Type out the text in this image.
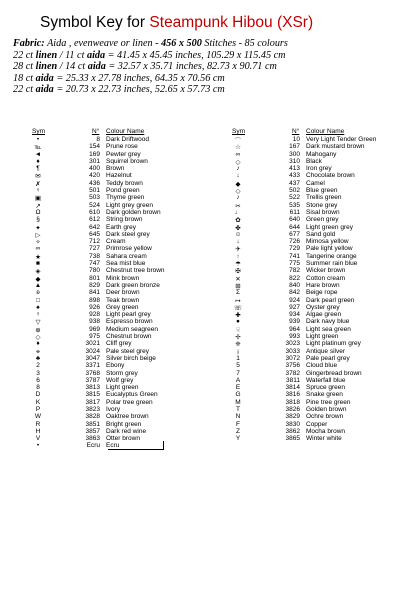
Symbol Key for Steampunk Hibou (XSr)
Fabric: Aida , evenweave or linen - 456 x 500 Stitches - 85 colours
22 ct linen / 11 ct aida = 41.45 x 45.45 inches, 105.29 x 115.45 cm
28 ct linen / 14 ct aida = 32.57 x 35.71 inches, 82.73 x 90.71 cm
18 ct aida = 25.33 x 27.78 inches, 64.35 x 70.56 cm
22 ct aida = 20.73 x 22.73 inches, 52.65 x 57.73 cm
Sym	N° Colour Name
•	8 Dark Driftwood
℡	154 Prune rose
◄	169 Pewter grey
♦	301 Squirrel brown
¶	400 Brown
✉	420 Hazelnut
✗	436 Teddy brown
♀	501 Pond green
▣	503 Thyme green
↗	524 Light grey green
Ω	610 Dark golden brown
§	612 String brown
✦	642 Earth grey
▷	645 Dark steel grey
✧	712 Cream
∞	727 Primrose yellow
★	738 Sahara cream
■	747 Sea mist blue
◈	780 Chestnut tree brown
◆	801 Mink brown
▲	829 Dark green bronze
ʚ	841 Deer brown
□	898 Teak brown
♠	926 Grey green
♀	928 Light pearl grey
▽	938 Espresso brown
⊕	969 Medium seagreen
◇	975 Chestnut brown
♦	3021 Cliff grey
⚭	3024 Pale steel grey
♣	3047 Silver birch beige
2	3371 Ebony
3	3768 Storm grey
6	3787 Wolf grey
8	3813 Light green
D	3815 Eucalyptus Green
K	3817 Polar tree green
P	3823 Ivory
W	3828 Oaktree brown
R	3851 Bright green
H	3857 Dark red wine
V	3863 Otter brown
•	Ecru Ecru
Sym	N° Colour Name
⌒	10 Very Light Tender Green
☆	167 Dark mustard brown
∞	300 Mahogany
◇	310 Black
♪	413 Iron grey
↓	433 Chocolate brown
◆	437 Camel
◇	502 Blue green
♪	522 Trellis green
✂	535 Stone grey
♩	611 Sisal brown
✿	640 Green grey
✤	644 Light green grey
☺	677 Sand gold
↓	726 Mimosa yellow
✈	729 Pale light yellow
↑	741 Tangerine orange
☂	775 Summer rain blue
✠	782 Wicker brown
✕	822 Cotton cream
⊞	840 Hare brown
Σ	842 Beige rope
↦	924 Dark pearl green
☏	927 Oyster grey
✚	934 Algae green
●	939 Dark navy blue
☟	964 Light sea green
✢	993 Light green
❈	3023 Light platinum grey
ⅰ	3033 Antique silver
1	3072 Pale pearl grey
5	3756 Cloud blue
7	3782 Gingerbread brown
A	3811 Waterfall blue
E	3814 Spruce green
G	3816 Snake green
M	3818 Pine tree green
T	3826 Golden brown
N	3829 Ochre brown
F	3830 Copper
Z	3862 Mocha brown
Y	3865 Winter white
